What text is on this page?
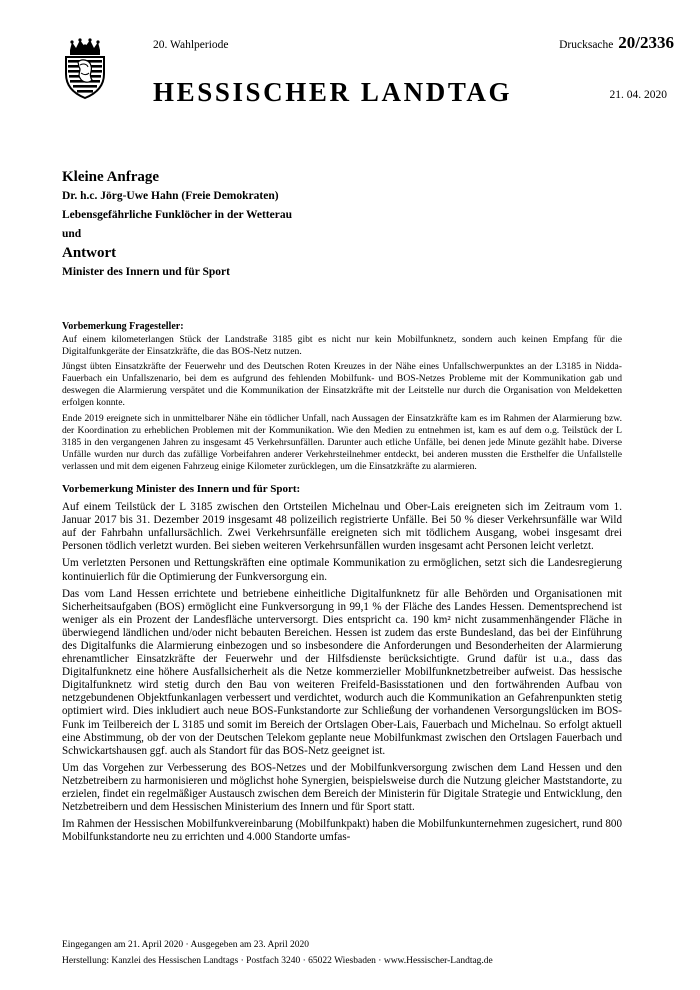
20. Wahlperiode	Drucksache 20/2336
HESSISCHER LANDTAG	21. 04. 2020
Kleine Anfrage
Dr. h.c. Jörg-Uwe Hahn (Freie Demokraten)
Lebensgefährliche Funklöcher in der Wetterau
und
Antwort
Minister des Innern und für Sport
Vorbemerkung Fragesteller:

Auf einem kilometerlangen Stück der Landstraße 3185 gibt es nicht nur kein Mobilfunknetz, sondern auch keinen Empfang für die Digitalfunkgeräte der Einsatzkräfte, die das BOS-Netz nutzen.

Jüngst übten Einsatzkräfte der Feuerwehr und des Deutschen Roten Kreuzes in der Nähe eines Unfallschwerpunktes an der L3185 in Nidda-Fauerbach ein Unfallszenario, bei dem es aufgrund des fehlenden Mobilfunk- und BOS-Netzes Probleme mit der Kommunikation gab und deswegen die Alarmierung verspätet und die Kommunikation der Einsatzkräfte mit der Leitstelle nur durch die Organisation von Meldeketten erfolgen konnte.

Ende 2019 ereignete sich in unmittelbarer Nähe ein tödlicher Unfall, nach Aussagen der Einsatzkräfte kam es im Rahmen der Alarmierung bzw. der Koordination zu erheblichen Problemen mit der Kommunikation. Wie den Medien zu entnehmen ist, kam es auf dem o.g. Teilstück der L 3185 in den vergangenen Jahren zu insgesamt 45 Verkehrsunfällen. Darunter auch etliche Unfälle, bei denen jede Minute gezählt habe. Diverse Unfälle wurden nur durch das zufällige Vorbeifahren anderer Verkehrsteilnehmer entdeckt, bei anderen mussten die Ersthelfer die Unfallstelle verlassen und mit dem eigenen Fahrzeug einige Kilometer zurücklegen, um die Einsatzkräfte zu alarmieren.

Vorbemerkung Minister des Innern und für Sport:

Auf einem Teilstück der L 3185 zwischen den Ortsteilen Michelnau und Ober-Lais ereigneten sich im Zeitraum vom 1. Januar 2017 bis 31. Dezember 2019 insgesamt 48 polizeilich registrierte Unfälle. Bei 50 % dieser Verkehrsunfälle war Wild auf der Fahrbahn unfallursächlich. Zwei Verkehrsunfälle ereigneten sich mit tödlichem Ausgang, wobei insgesamt drei Personen tödlich verletzt wurden. Bei sieben weiteren Verkehrsunfällen wurden insgesamt acht Personen leicht verletzt.

Um verletzten Personen und Rettungskräften eine optimale Kommunikation zu ermöglichen, setzt sich die Landesregierung kontinuierlich für die Optimierung der Funkversorgung ein.

Das vom Land Hessen errichtete und betriebene einheitliche Digitalfunknetz für alle Behörden und Organisationen mit Sicherheitsaufgaben (BOS) ermöglicht eine Funkversorgung in 99,1 % der Fläche des Landes Hessen. Dementsprechend ist weniger als ein Prozent der Landesfläche unterversorgt. Dies entspricht ca. 190 km² nicht zusammenhängender Fläche in überwiegend ländlichen und/oder nicht bebauten Bereichen. Hessen ist zudem das erste Bundesland, das bei der Einführung des Digitalfunks die Alarmierung einbezogen und so insbesondere die Anforderungen und Besonderheiten der Alarmierung ehrenamtlicher Einsatzkräfte der Feuerwehr und der Hilfsdienste berücksichtigte. Grund dafür ist u.a., dass das Digitalfunknetz eine höhere Ausfallsicherheit als die Netze kommerzieller Mobilfunknetzbetreiber aufweist. Das hessische Digitalfunknetz wird stetig durch den Bau von weiteren Freifeld-Basisstationen und den fortwährenden Aufbau von netzgebundenen Objektfunkanlagen verbessert und verdichtet, wodurch auch die Kommunikation an Gefahrenpunkten stetig optimiert wird. Dies inkludiert auch neue BOS-Funkstandorte zur Schließung der vorhandenen Versorgungslücken im BOS-Funk im Teilbereich der L 3185 und somit im Bereich der Ortslagen Ober-Lais, Fauerbach und Michelnau. So erfolgt aktuell eine Abstimmung, ob der von der Deutschen Telekom geplante neue Mobilfunkmast zwischen den Ortslagen Fauerbach und Schwickartshausen ggf. auch als Standort für das BOS-Netz geeignet ist.

Um das Vorgehen zur Verbesserung des BOS-Netzes und der Mobilfunkversorgung zwischen dem Land Hessen und den Netzbetreibern zu harmonisieren und möglichst hohe Synergien, beispielsweise durch die Nutzung gleicher Maststandorte, zu erzielen, findet ein regelmäßiger Austausch zwischen dem Bereich der Ministerin für Digitale Strategie und Entwicklung, den Netzbetreibern und dem Hessischen Ministerium des Innern und für Sport statt.

Im Rahmen der Hessischen Mobilfunkvereinbarung (Mobilfunkpakt) haben die Mobilfunkunternehmen zugesichert, rund 800 Mobilfunkstandorte neu zu errichten und 4.000 Standorte umfas-

Eingegangen am 21. April 2020 · Ausgegeben am 23. April 2020
Herstellung: Kanzlei des Hessischen Landtags · Postfach 3240 · 65022 Wiesbaden · www.Hessischer-Landtag.de
